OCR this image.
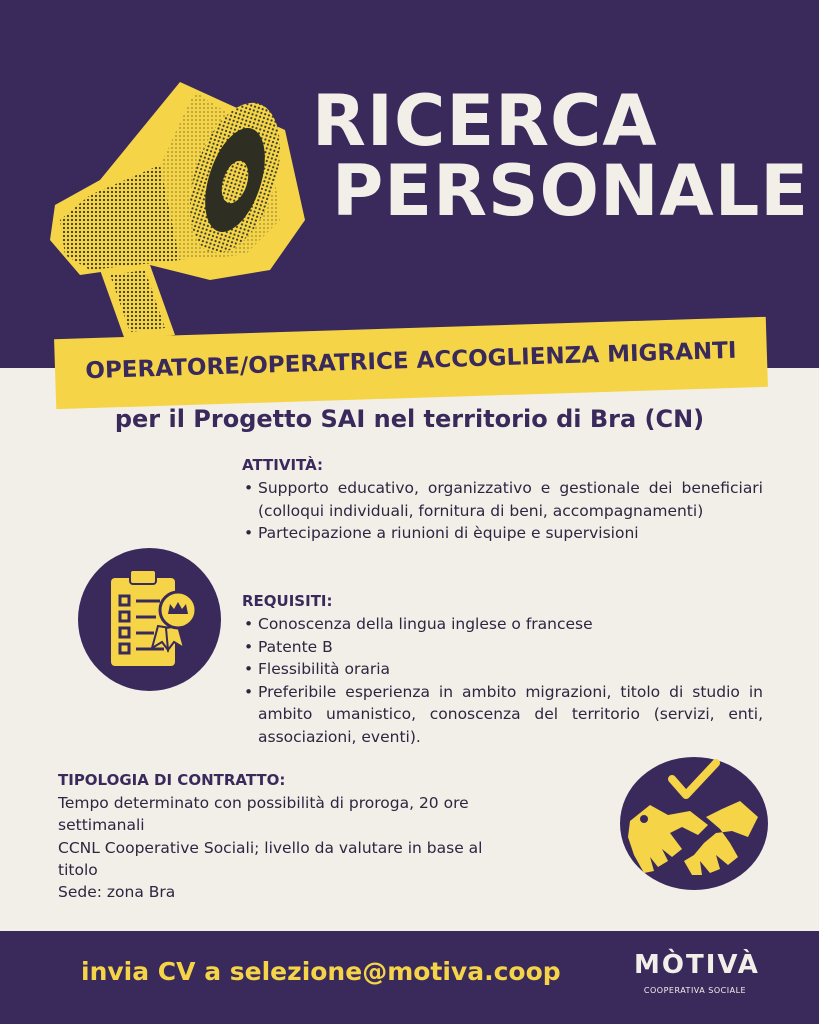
RICERCA
PERSONALE
OPERATORE/OPERATRICE ACCOGLIENZA MIGRANTI
per il Progetto SAI nel territorio di Bra (CN)
ATTIVITÀ:
• Supporto educativo, organizzativo e gestionale dei beneficiari (colloqui individuali, fornitura di beni, accompagnamenti)
• Partecipazione a riunioni di èquipe e supervisioni
REQUISITI:
• Conoscenza della lingua inglese o francese
• Patente B
• Flessibilità oraria
• Preferibile esperienza in ambito migrazioni, titolo di studio in ambito umanistico, conoscenza del territorio (servizi, enti, associazioni, eventi).
TIPOLOGIA DI CONTRATTO:
Tempo determinato con possibilità di proroga, 20 ore
settimanali
CCNL Cooperative Sociali; livello da valutare in base al
titolo
Sede: zona Bra
invia CV a selezione@motiva.coop	MÒTIVÀ
COOPERATIVA SOCIALE
